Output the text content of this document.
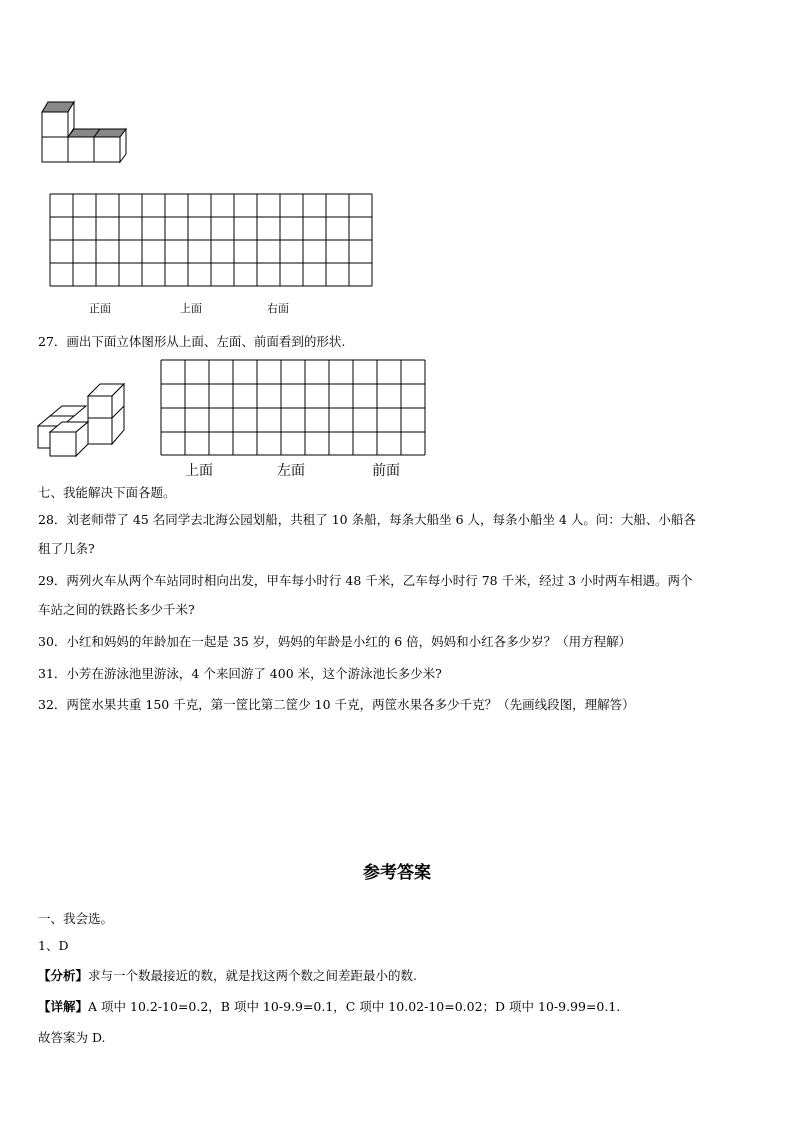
正面	上面	右面
27．画出下面立体图形从上面、左面、前面看到的形状.
上面	左面	前面
七、我能解决下面各题。
28．刘老师带了 45 名同学去北海公园划船，共租了 10 条船，每条大船坐 6 人，每条小船坐 4 人。问：大船、小船各
租了几条?
29．两列火车从两个车站同时相向出发，甲车每小时行 48 千米，乙车每小时行 78 千米，经过 3 小时两车相遇。两个
车站之间的铁路长多少千米?
30．小红和妈妈的年龄加在一起是 35 岁，妈妈的年龄是小红的 6 倍，妈妈和小红各多少岁？（用方程解）
31．小芳在游泳池里游泳，4 个来回游了 400 米，这个游泳池长多少米?
32．两筐水果共重 150 千克，第一筐比第二筐少 10 千克，两筐水果各多少千克？（先画线段图，理解答）
参考答案
一、我会选。
1、D
【分析】求与一个数最接近的数，就是找这两个数之间差距最小的数.
【详解】A 项中 10.2-10=0.2，B 项中 10-9.9=0.1，C 项中 10.02-10=0.02；D 项中 10-9.99=0.1.
故答案为 D.
